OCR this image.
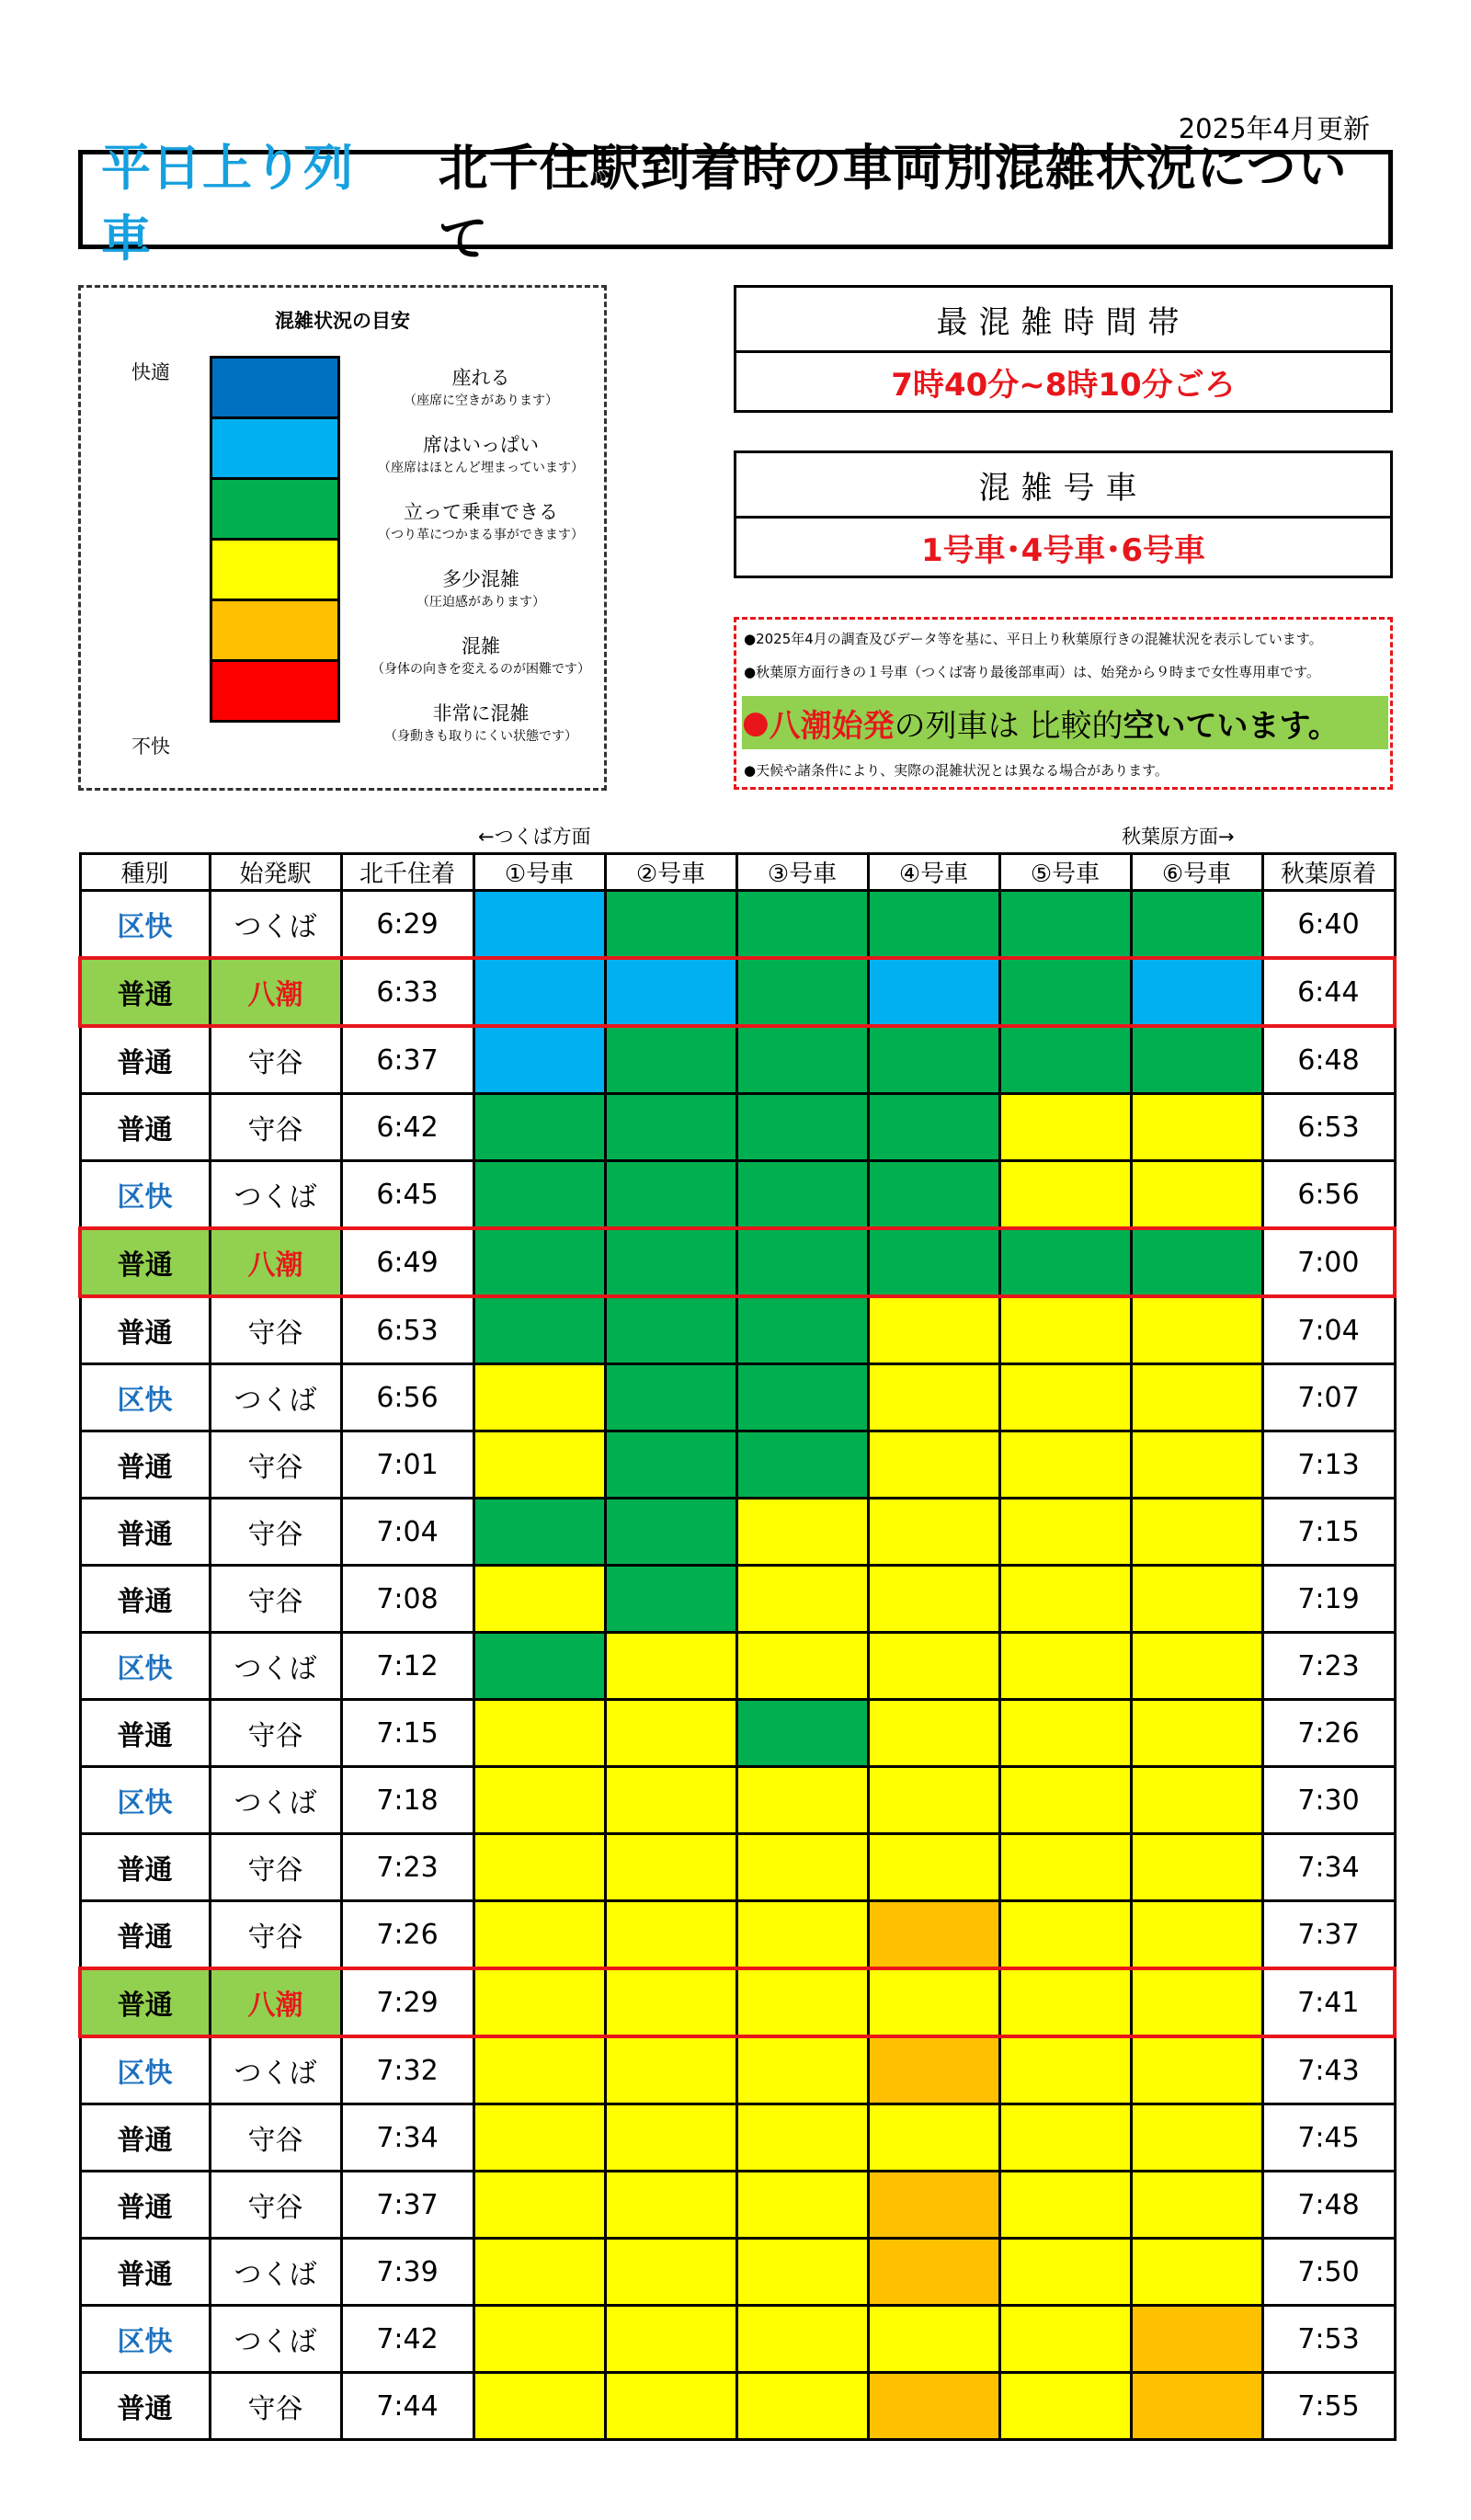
2025年4月更新
平日上り列車
北千住駅到着時の車両別混雑状況について
混雑状況の目安
快適
不快
座れる
（座席に空きがあります）
席はいっぱい
（座席はほとんど埋まっています）
立って乗車できる
（つり革につかまる事ができます）
多少混雑
（圧迫感があります）
混雑
（身体の向きを変えるのが困難です）
非常に混雑
（身動きも取りにくい状態です）
最混雑時間帯
7時40分~8時10分ごろ
混雑号車
1号車･4号車･6号車
●2025年4月の調査及びデータ等を基に、平日上り秋葉原行きの混雑状況を表示しています。
●秋葉原方面行きの１号車（つくば寄り最後部車両）は、始発から９時まで女性専用車です。
● 八潮始発 の列車は 比較的 空いています。
●天候や諸条件により、実際の混雑状況とは異なる場合があります。
←つくば方面	秋葉原方面→
種別	始発駅	北千住着	①号車	②号車	③号車	④号車	⑤号車	⑥号車	秋葉原着
区快	つくば	6:29							6:40
普通	八潮	6:33							6:44
普通	守谷	6:37							6:48
普通	守谷	6:42							6:53
区快	つくば	6:45							6:56
普通	八潮	6:49							7:00
普通	守谷	6:53							7:04
区快	つくば	6:56							7:07
普通	守谷	7:01							7:13
普通	守谷	7:04							7:15
普通	守谷	7:08							7:19
区快	つくば	7:12							7:23
普通	守谷	7:15							7:26
区快	つくば	7:18							7:30
普通	守谷	7:23							7:34
普通	守谷	7:26							7:37
普通	八潮	7:29							7:41
区快	つくば	7:32							7:43
普通	守谷	7:34							7:45
普通	守谷	7:37							7:48
普通	つくば	7:39							7:50
区快	つくば	7:42							7:53
普通	守谷	7:44							7:55
